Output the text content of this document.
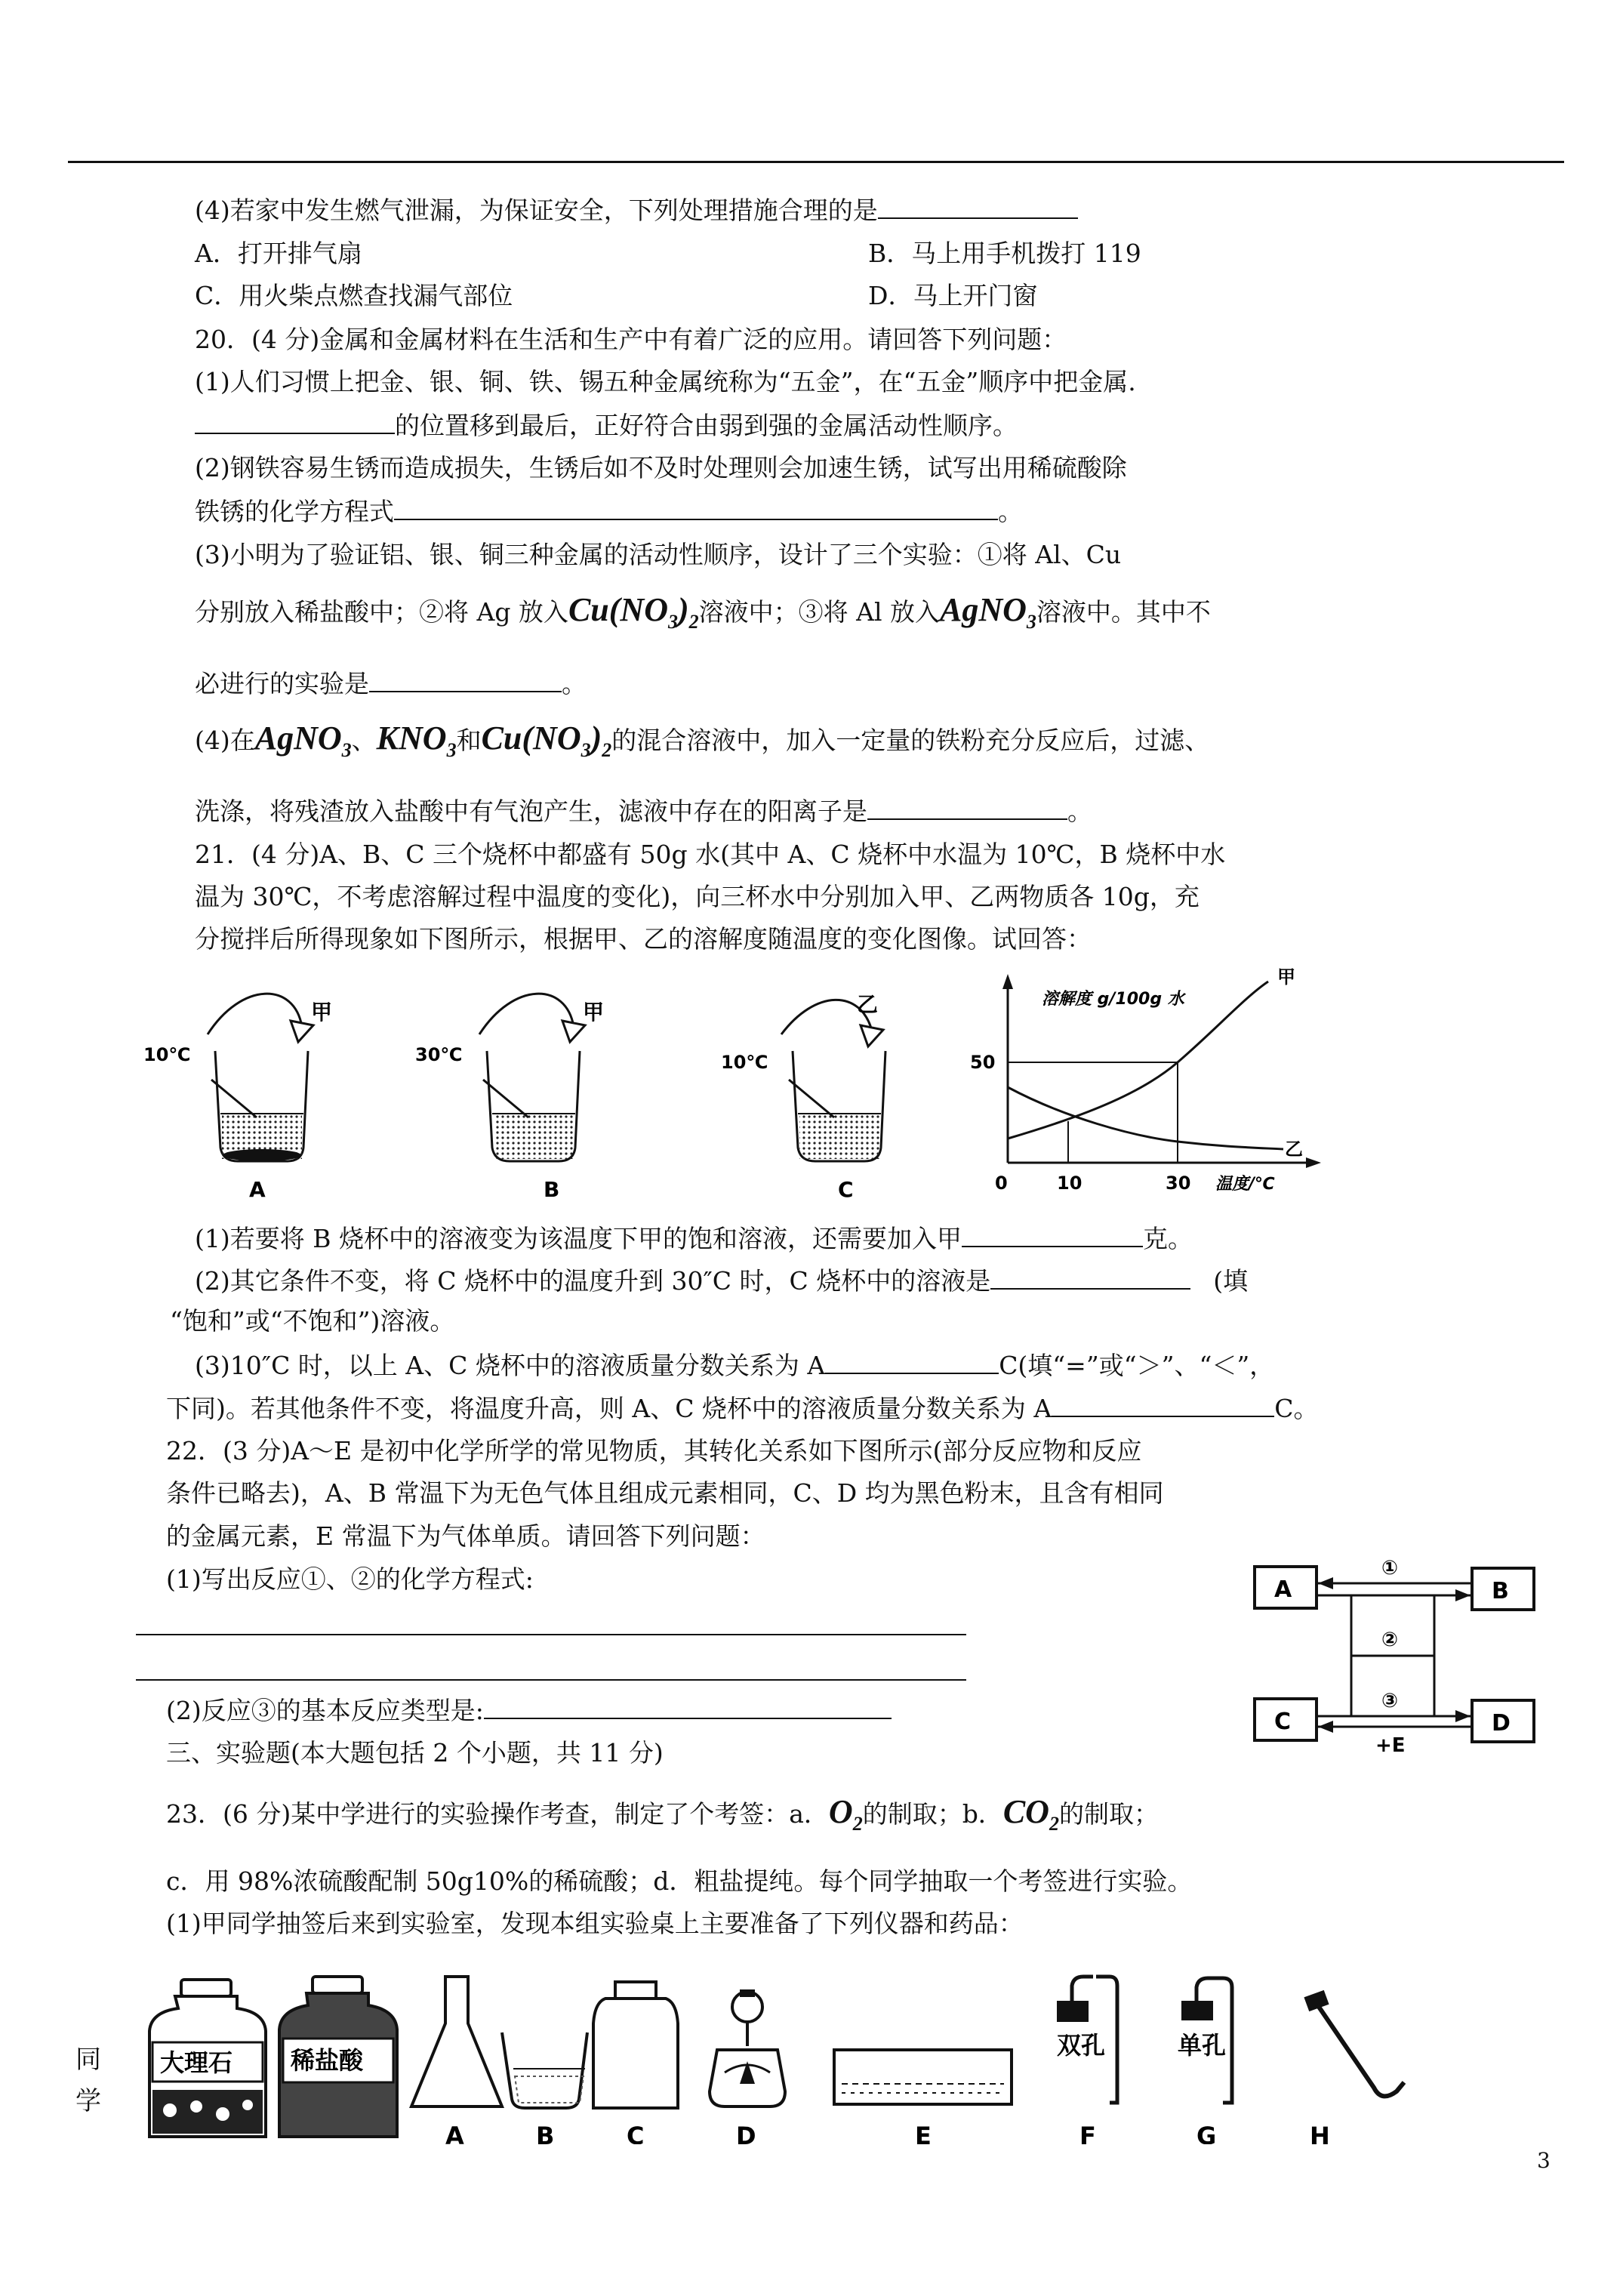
(4)若家中发生燃气泄漏，为保证安全，下列处理措施合理的是
A．打开排气扇	B．马上用手机拨打 119
C．用火柴点燃查找漏气部位	D．马上开门窗
20．(4 分)金属和金属材料在生活和生产中有着广泛的应用。请回答下列问题：
(1)人们习惯上把金、银、铜、铁、锡五种金属统称为“五金”，在“五金”顺序中把金属.
的位置移到最后，正好符合由弱到强的金属活动性顺序。
(2)钢铁容易生锈而造成损失，生锈后如不及时处理则会加速生锈，试写出用稀硫酸除
铁锈的化学方程式	。
(3)小明为了验证铝、银、铜三种金属的活动性顺序，设计了三个实验：①将 Al、Cu
分别放入稀盐酸中；②将 Ag 放入$Cu(NO_3)_2$溶液中；③将 Al 放入AgNO$_3$溶液中。其中不
必进行的实验是	。
(4)在AgNO$_3$、$KNO_3$和$Cu(NO_3)_2$的混合溶液中，加入一定量的铁粉充分反应后，过滤、
洗涤，将残渣放入盐酸中有气泡产生，滤液中存在的阳离子是	。
21．(4 分)A、B、C 三个烧杯中都盛有 50g 水(其中 A、C 烧杯中水温为 10℃，B 烧杯中水
温为 30℃，不考虑溶解过程中温度的变化)，向三杯水中分别加入甲、乙两物质各 10g，充
分搅拌后所得现象如下图所示，根据甲、乙的溶解度随温度的变化图像。试回答：
10℃
甲
A
30℃
甲
B
10℃
乙
C
溶解度 g/100g 水
50
甲
乙
0	10	30 温度/℃
(1)若要将 B 烧杯中的溶液变为该温度下甲的饱和溶液，还需要加入甲	克。
(2)其它条件不变，将 C 烧杯中的温度升到 30″C 时，C 烧杯中的溶液是	(填
“饱和”或“不饱和”)溶液。
(3)10″C 时，以上 A、C 烧杯中的溶液质量分数关系为 A	C(填“=”或“＞”、“＜”，
下同)。若其他条件不变，将温度升高，则 A、C 烧杯中的溶液质量分数关系为 A	C。
22．(3 分)A～E 是初中化学所学的常见物质，其转化关系如下图所示(部分反应物和反应
条件已略去)，A、B 常温下为无色气体且组成元素相同，C、D 均为黑色粉末，且含有相同
的金属元素，E 常温下为气体单质。请回答下列问题：
(1)写出反应①、②的化学方程式:
(2)反应③的基本反应类型是:
A	B
C	D
①
②
③
+E
三、实验题(本大题包括 2 个小题，共 11 分)
23．(6 分)某中学进行的实验操作考查，制定了个考签：a．$O_2$的制取；b．$CO_2$的制取；
c．用 98%浓硫酸配制 50g10%的稀硫酸；d．粗盐提纯。每个同学抽取一个考签进行实验。
(1)甲同学抽签后来到实验室，发现本组实验桌上主要准备了下列仪器和药品：
大理石 稀盐酸
A	B	C	D	E
双孔
F
单孔
G	H
同
学
3
